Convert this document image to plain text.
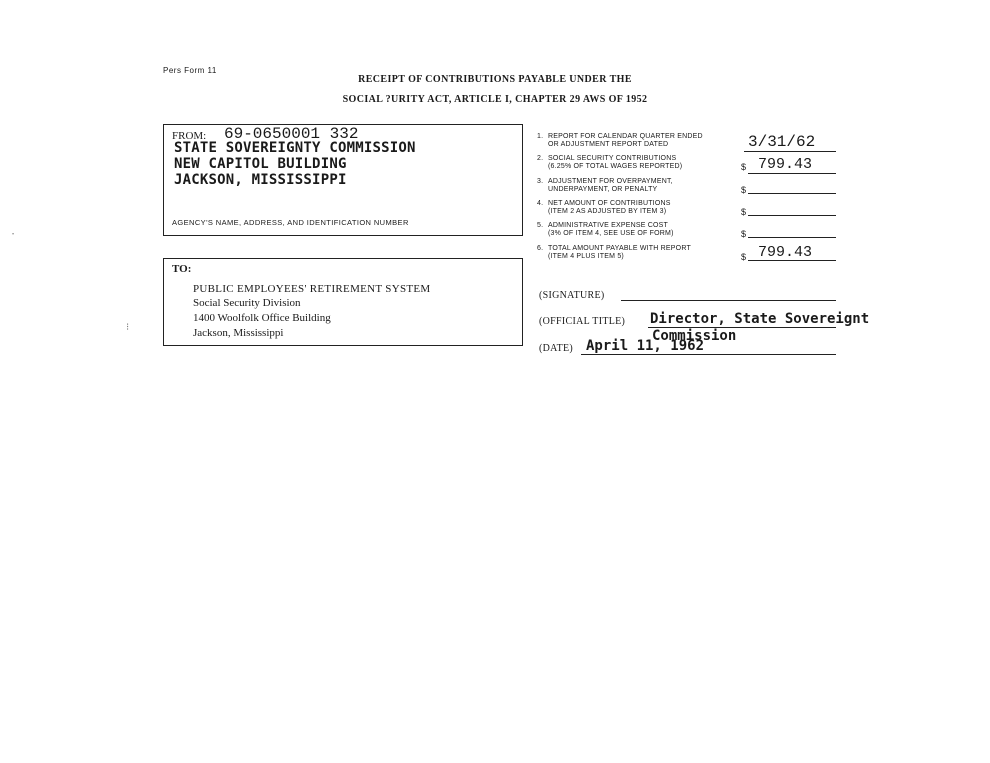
Pers Form 11
RECEIPT OF CONTRIBUTIONS PAYABLE UNDER THE
SOCIAL ?URITY ACT, ARTICLE I, CHAPTER 29 AWS OF 1952
FROM: 69-0650001 332
STATE SOVEREIGNTY COMMISSION
NEW CAPITOL BUILDING
JACKSON, MISSISSIPPI
AGENCY'S NAME, ADDRESS, AND IDENTIFICATION NUMBER
TO:
PUBLIC EMPLOYEES' RETIREMENT SYSTEM
Social Security Division
1400 Woolfolk Office Building
Jackson, Mississippi
1. REPORT FOR CALENDAR QUARTER ENDED
OR ADJUSTMENT REPORT DATED	3/31/62
2. SOCIAL SECURITY CONTRIBUTIONS
(6.25% OF TOTAL WAGES REPORTED)	$ 799.43
3. ADJUSTMENT FOR OVERPAYMENT,
UNDERPAYMENT, OR PENALTY	$
4. NET AMOUNT OF CONTRIBUTIONS
(ITEM 2 AS ADJUSTED BY ITEM 3)	$
5. ADMINISTRATIVE EXPENSE COST
(3% OF ITEM 4, SEE USE OF FORM)	$
6. TOTAL AMOUNT PAYABLE WITH REPORT
(ITEM 4 PLUS ITEM 5)	$ 799.43
(SIGNATURE)
(OFFICIAL TITLE) Director, State Sovereignt
Commission
(DATE) April 11, 1962
⁝
•
